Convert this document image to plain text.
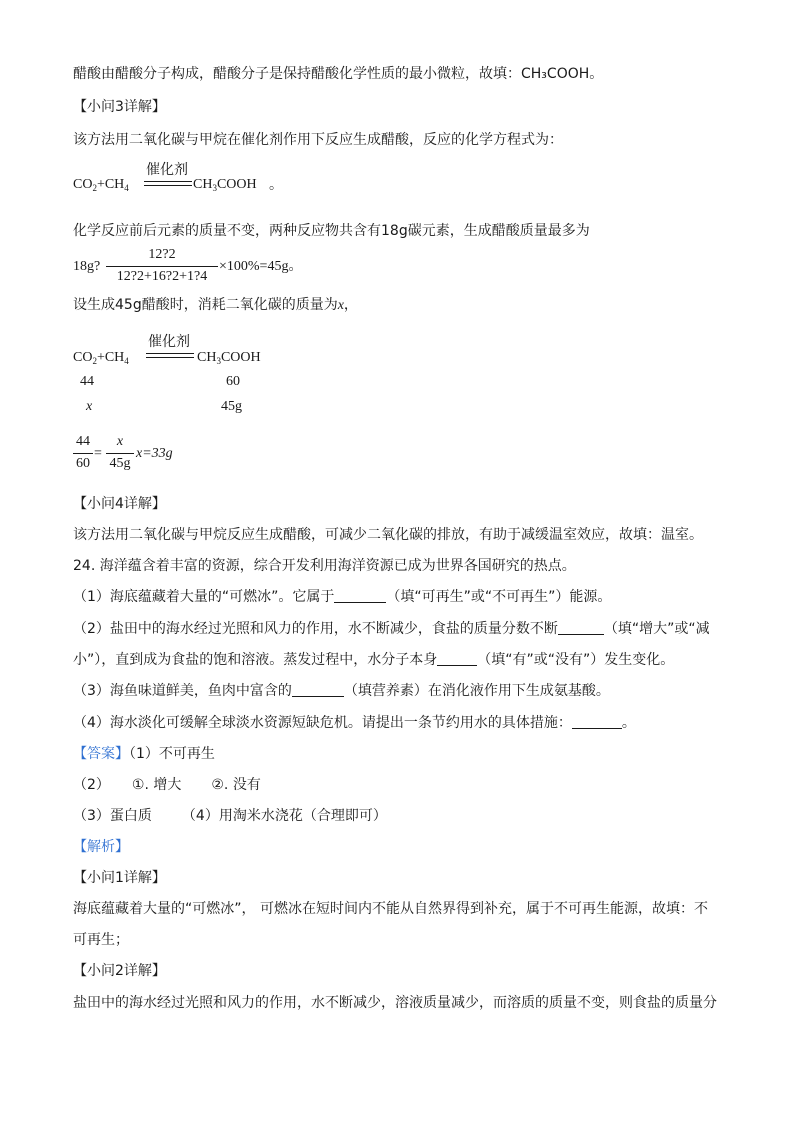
醋酸由醋酸分子构成，醋酸分子是保持醋酸化学性质的最小微粒，故填：CH₃COOH。
【小问3详解】
该方法用二氧化碳与甲烷在催化剂作用下反应生成醋酸，反应的化学方程式为：
$CO_2+CH_4$
催化剂
$CH_3COOH$ 。
化学反应前后元素的质量不变，两种反应物共含有18g碳元素，生成醋酸质量最多为
18g?
12?2
12?2+16?2+1?4
×100%=45g。
设生成45g醋酸时，消耗二氧化碳的质量为x，
催化剂
$CO_2+CH_4$	$CH_3COOH$
44	60
x	45g
44
60
=
x
45g
x=33g
【小问4详解】
该方法用二氧化碳与甲烷反应生成醋酸，可减少二氧化碳的排放，有助于减缓温室效应，故填：温室。
24. 海洋蕴含着丰富的资源，综合开发利用海洋资源已成为世界各国研究的热点。
（1）海底蕴藏着大量的“可燃冰”。它属于	（填“可再生”或“不可再生”）能源。
（2）盐田中的海水经过光照和风力的作用，水不断减少，食盐的质量分数不断	（填“增大”或“减
小”），直到成为食盐的饱和溶液。蒸发过程中，水分子本身	（填“有”或“没有”）发生变化。
（3）海鱼味道鲜美，鱼肉中富含的	（填营养素）在消化液作用下生成氨基酸。
（4）海水淡化可缓解全球淡水资源短缺危机。请提出一条节约用水的具体措施：	。
【答案】（1）不可再生
（2） ①. 增大 ②. 没有
（3）蛋白质 （4）用淘米水浇花（合理即可）
【解析】
【小问1详解】
海底蕴藏着大量的“可燃冰”， 可燃冰在短时间内不能从自然界得到补充，属于不可再生能源，故填：不
可再生；
【小问2详解】
盐田中的海水经过光照和风力的作用，水不断减少，溶液质量减少，而溶质的质量不变，则食盐的质量分
